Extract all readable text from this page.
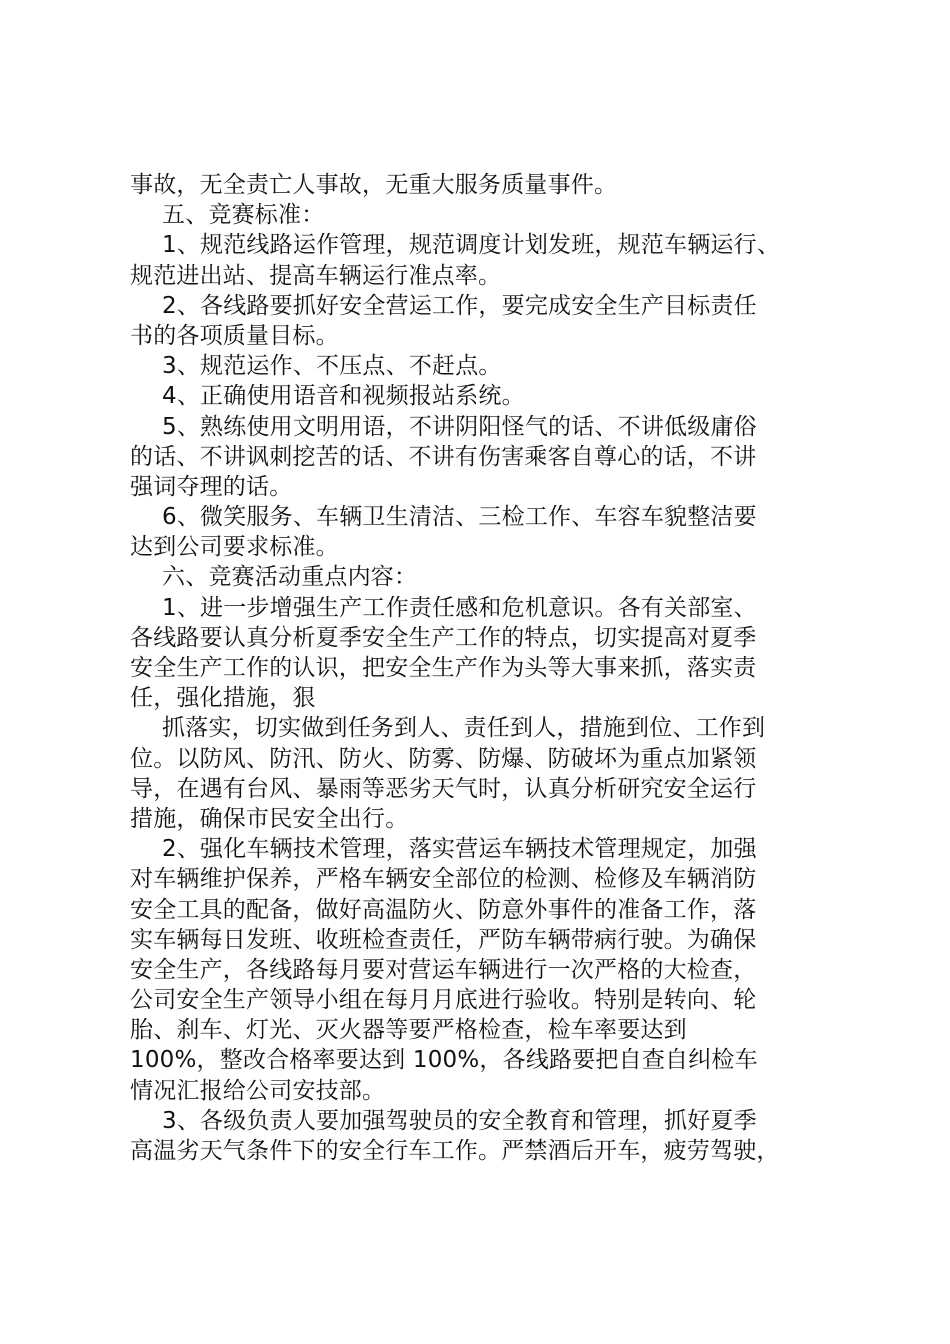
事故，无全责亡人事故，无重大服务质量事件。
五、竞赛标准：
1、规范线路运作管理，规范调度计划发班，规范车辆运行、
规范进出站、提高车辆运行准点率。
2、各线路要抓好安全营运工作，要完成安全生产目标责任
书的各项质量目标。
3、规范运作、不压点、不赶点。
4、正确使用语音和视频报站系统。
5、熟练使用文明用语，不讲阴阳怪气的话、不讲低级庸俗
的话、不讲讽刺挖苦的话、不讲有伤害乘客自尊心的话，不讲
强词夺理的话。
6、微笑服务、车辆卫生清洁、三检工作、车容车貌整洁要
达到公司要求标准。
六、竞赛活动重点内容：
1、进一步增强生产工作责任感和危机意识。各有关部室、
各线路要认真分析夏季安全生产工作的特点，切实提高对夏季
安全生产工作的认识，把安全生产作为头等大事来抓，落实责
任，强化措施，狠
抓落实，切实做到任务到人、责任到人，措施到位、工作到
位。以防风、防汛、防火、防雾、防爆、防破坏为重点加紧领
导，在遇有台风、暴雨等恶劣天气时，认真分析研究安全运行
措施，确保市民安全出行。
2、强化车辆技术管理，落实营运车辆技术管理规定，加强
对车辆维护保养，严格车辆安全部位的检测、检修及车辆消防
安全工具的配备，做好高温防火、防意外事件的准备工作，落
实车辆每日发班、收班检查责任，严防车辆带病行驶。为确保
安全生产，各线路每月要对营运车辆进行一次严格的大检查，
公司安全生产领导小组在每月月底进行验收。特别是转向、轮
胎、刹车、灯光、灭火器等要严格检查，检车率要达到
100%，整改合格率要达到 100%，各线路要把自查自纠检车
情况汇报给公司安技部。
3、各级负责人要加强驾驶员的安全教育和管理，抓好夏季
高温劣天气条件下的安全行车工作。严禁酒后开车，疲劳驾驶，
